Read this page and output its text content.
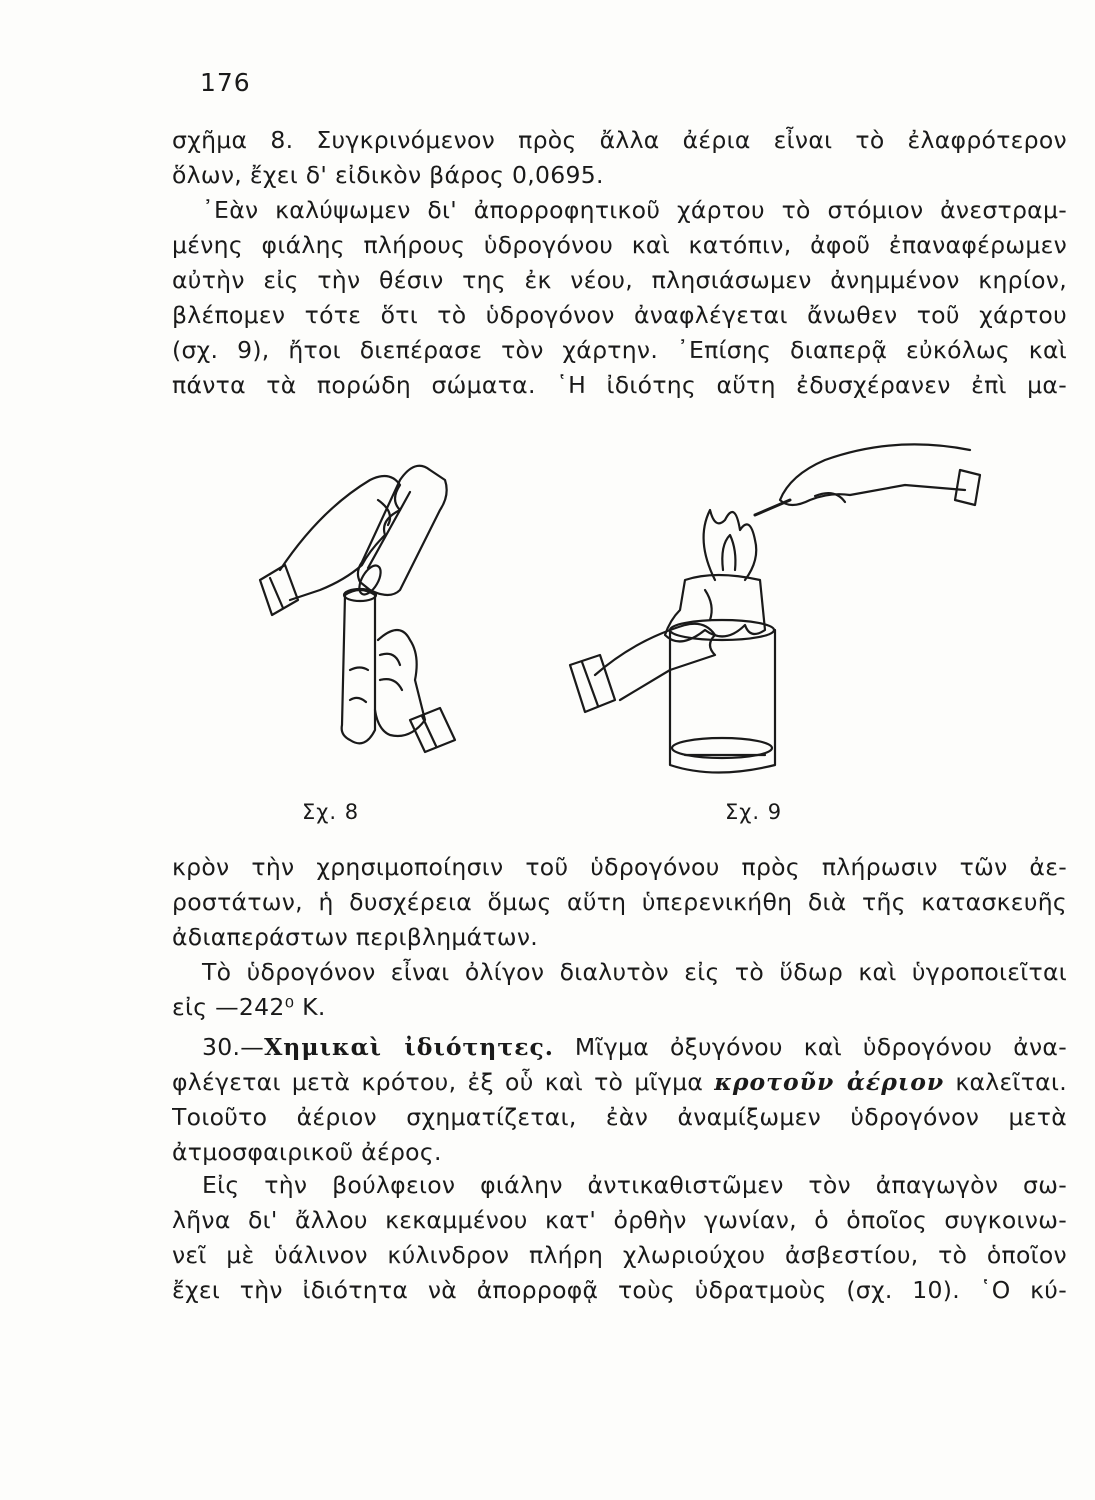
176
σχῆμα 8. Συγκρινόμενον πρὸς ἄλλα ἀέρια εἶναι τὸ ἐλαφρότερον
ὅλων, ἔχει δ' εἰδικὸν βάρος 0,0695.
᾽Εὰν καλύψωμεν δι' ἀπορροφητικοῦ χάρτου τὸ στόμιον ἀνεστραμ-
μένης φιάλης πλήρους ὑδρογόνου καὶ κατόπιν, ἀφοῦ ἐπαναφέρωμεν
αὐτὴν εἰς τὴν θέσιν της ἐκ νέου, πλησιάσωμεν ἀνημμένον κηρίον,
βλέπομεν τότε ὅτι τὸ ὑδρογόνον ἀναφλέγεται ἄνωθεν τοῦ χάρτου
(σχ. 9), ἤτοι διεπέρασε τὸν χάρτην. ᾽Επίσης διαπερᾷ εὐκόλως καὶ
πάντα τὰ πορώδη σώματα. ῾Η ἰδιότης αὕτη ἐδυσχέρανεν ἐπὶ μα-
Σχ. 8	Σχ. 9
κρὸν τὴν χρησιμοποίησιν τοῦ ὑδρογόνου πρὸς πλήρωσιν τῶν ἀε-
ροστάτων, ἡ δυσχέρεια ὅμως αὕτη ὑπερενικήθη διὰ τῆς κατασκευῆς
ἀδιαπεράστων περιβλημάτων.
Τὸ ὑδρογόνον εἶναι ὀλίγον διαλυτὸν εἰς τὸ ὕδωρ καὶ ὑγροποιεῖται
εἰς —242⁰ Κ.
30.—Χημικαὶ ἰδιότητες. Μῖγμα ὀξυγόνου καὶ ὑδρογόνου ἀνα-
φλέγεται μετὰ κρότου, ἐξ οὗ καὶ τὸ μῖγμα κροτοῦν ἀέριον καλεῖται.
Τοιοῦτο ἀέριον σχηματίζεται, ἐὰν ἀναμίξωμεν ὑδρογόνον μετὰ
ἀτμοσφαιρικοῦ ἀέρος.
Εἰς τὴν βούλφειον φιάλην ἀντικαθιστῶμεν τὸν ἀπαγωγὸν σω-
λῆνα δι' ἄλλου κεκαμμένου κατ' ὀρθὴν γωνίαν, ὁ ὁποῖος συγκοινω-
νεῖ μὲ ὑάλινον κύλινδρον πλήρη χλωριούχου ἀσβεστίου, τὸ ὁποῖον
ἔχει τὴν ἰδιότητα νὰ ἀπορροφᾷ τοὺς ὑδρατμοὺς (σχ. 10). ῾Ο κύ-
